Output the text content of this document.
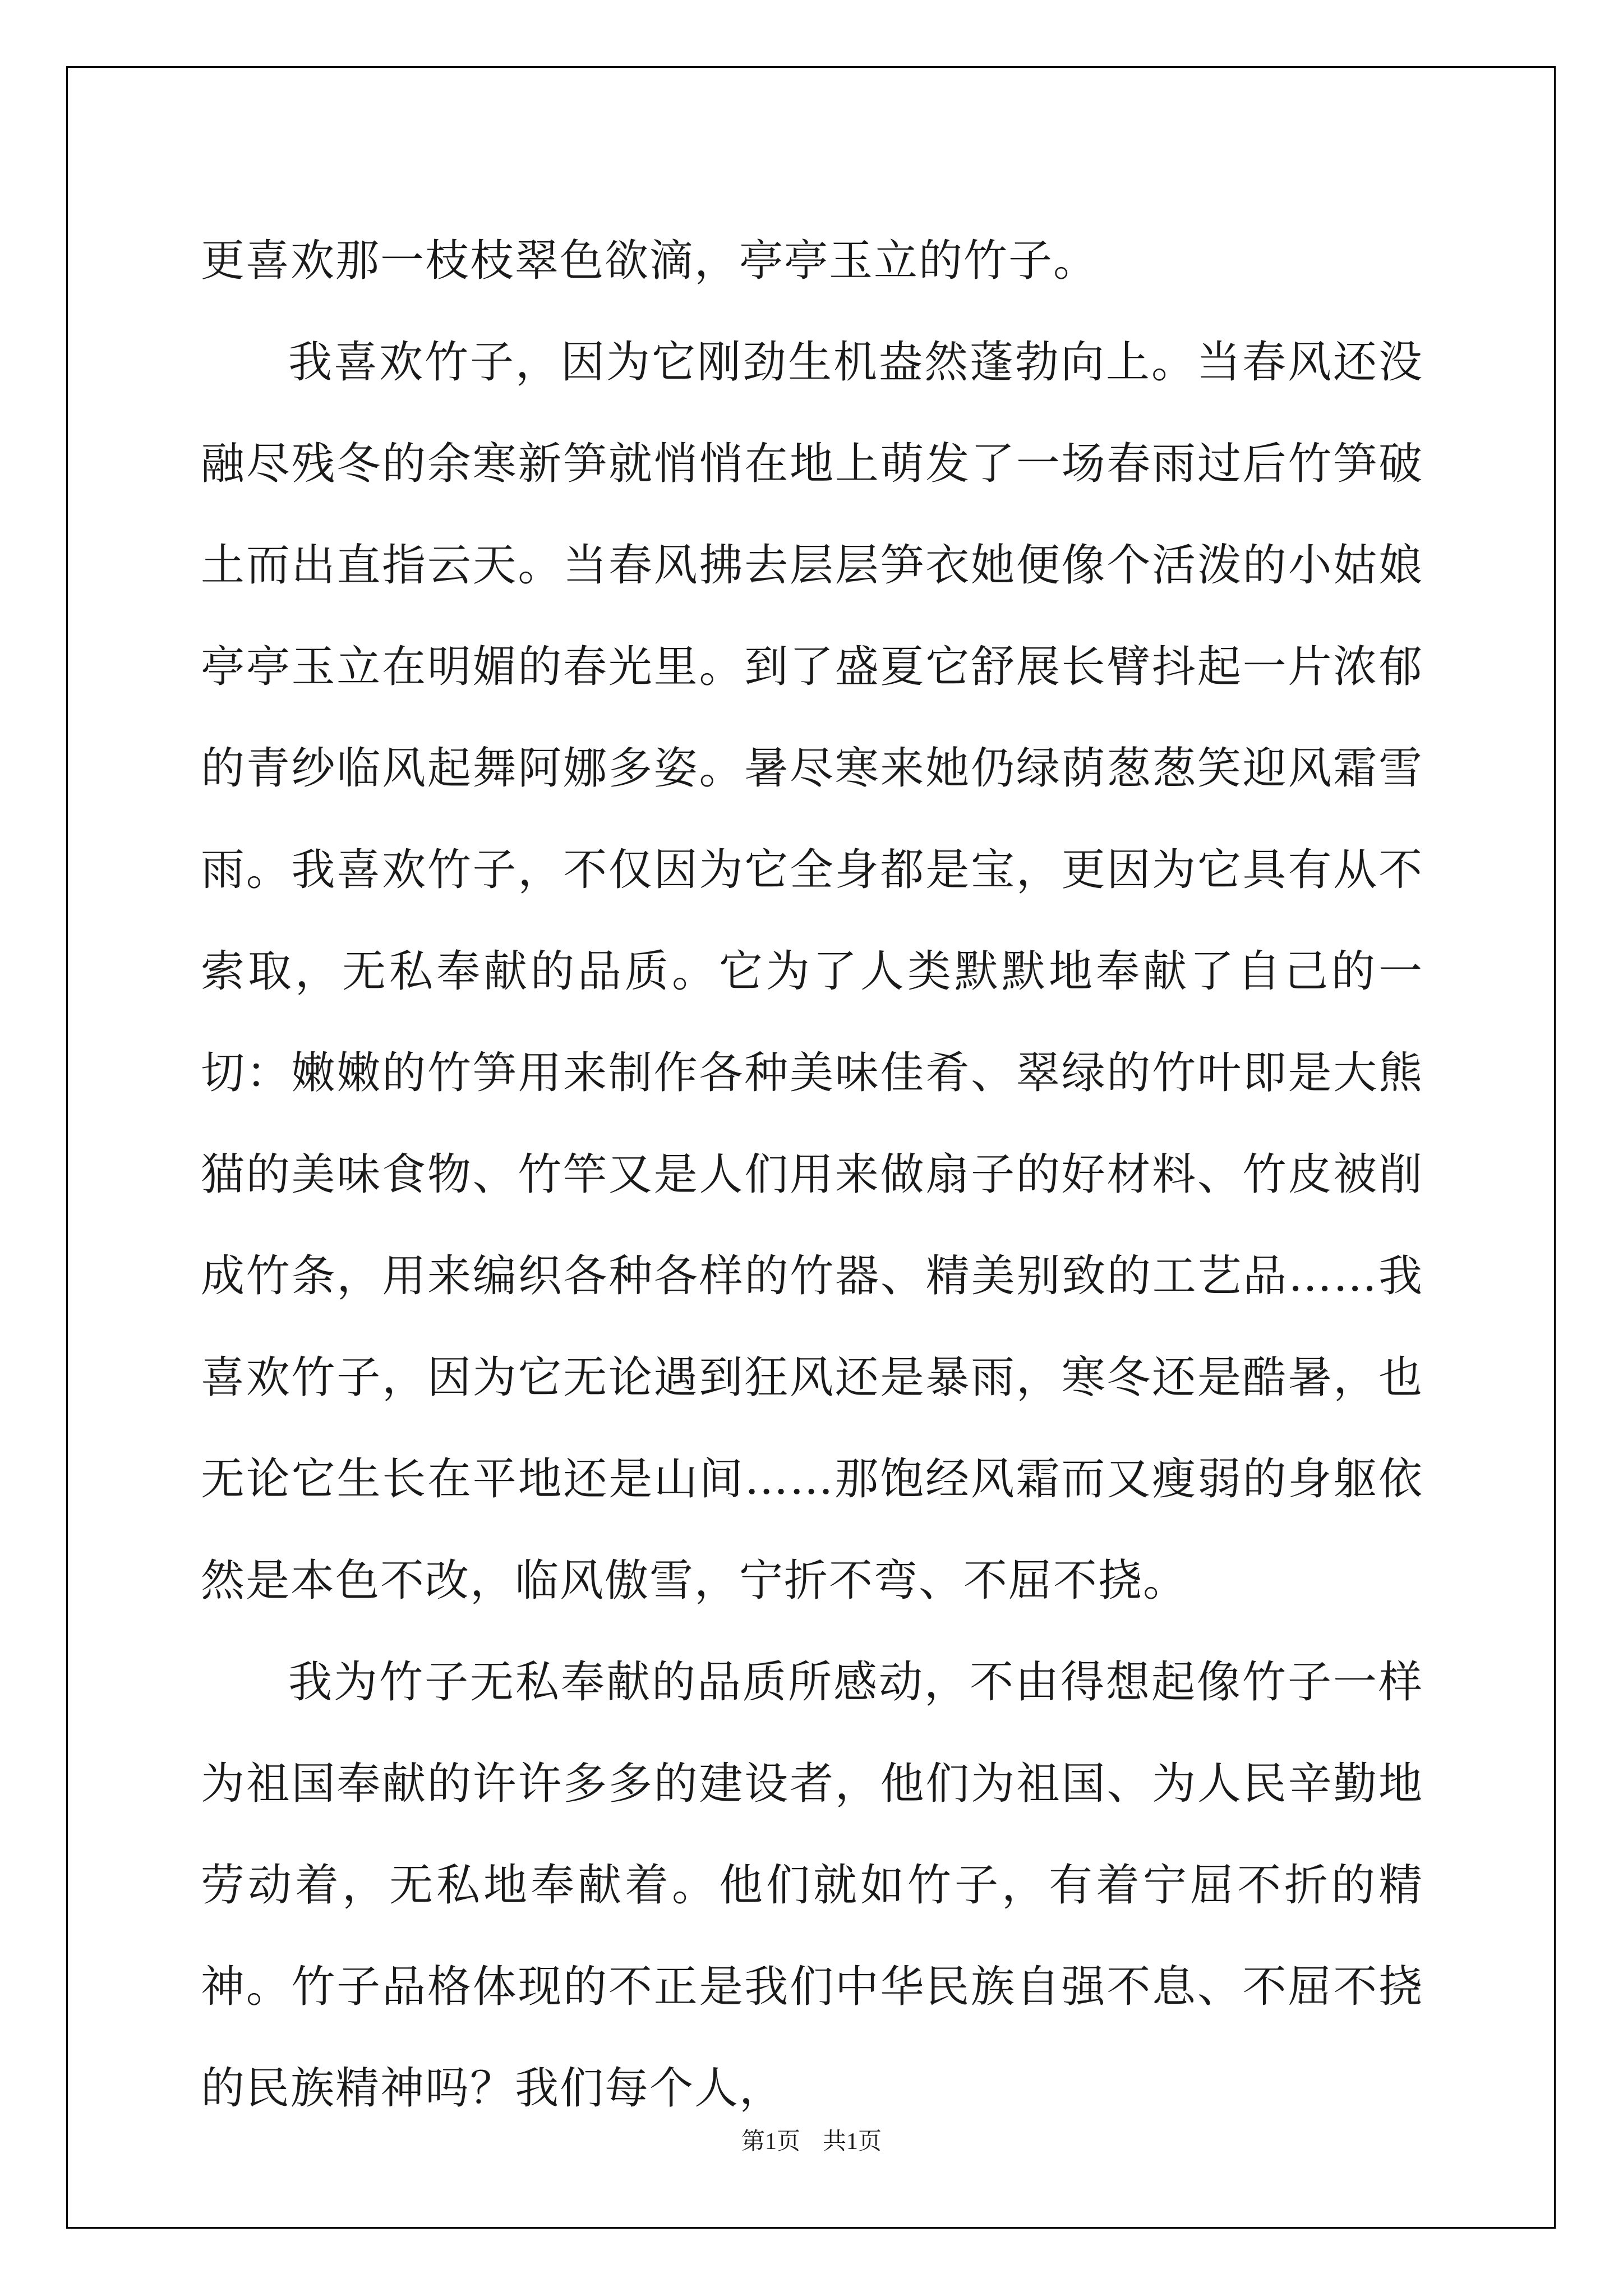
更喜欢那一枝枝翠色欲滴，亭亭玉立的竹子。

我喜欢竹子，因为它刚劲生机盎然蓬勃向上。当春风还没融尽残冬的余寒新笋就悄悄在地上萌发了一场春雨过后竹笋破土而出直指云天。当春风拂去层层笋衣她便像个活泼的小姑娘亭亭玉立在明媚的春光里。到了盛夏它舒展长臂抖起一片浓郁的青纱临风起舞阿娜多姿。暑尽寒来她仍绿荫葱葱笑迎风霜雪雨。我喜欢竹子，不仅因为它全身都是宝，更因为它具有从不索取，无私奉献的品质。它为了人类默默地奉献了自己的一切：嫩嫩的竹笋用来制作各种美味佳肴、翠绿的竹叶即是大熊猫的美味食物、竹竿又是人们用来做扇子的好材料、竹皮被削成竹条，用来编织各种各样的竹器、精美别致的工艺品……我喜欢竹子，因为它无论遇到狂风还是暴雨，寒冬还是酷暑，也无论它生长在平地还是山间……那饱经风霜而又瘦弱的身躯依然是本色不改，临风傲雪，宁折不弯、不屈不挠。

我为竹子无私奉献的品质所感动，不由得想起像竹子一样为祖国奉献的许许多多的建设者，他们为祖国、为人民辛勤地劳动着，无私地奉献着。他们就如竹子，有着宁屈不折的精神。竹子品格体现的不正是我们中华民族自强不息、不屈不挠的民族精神吗？我们每个人，

第1页 共1页
